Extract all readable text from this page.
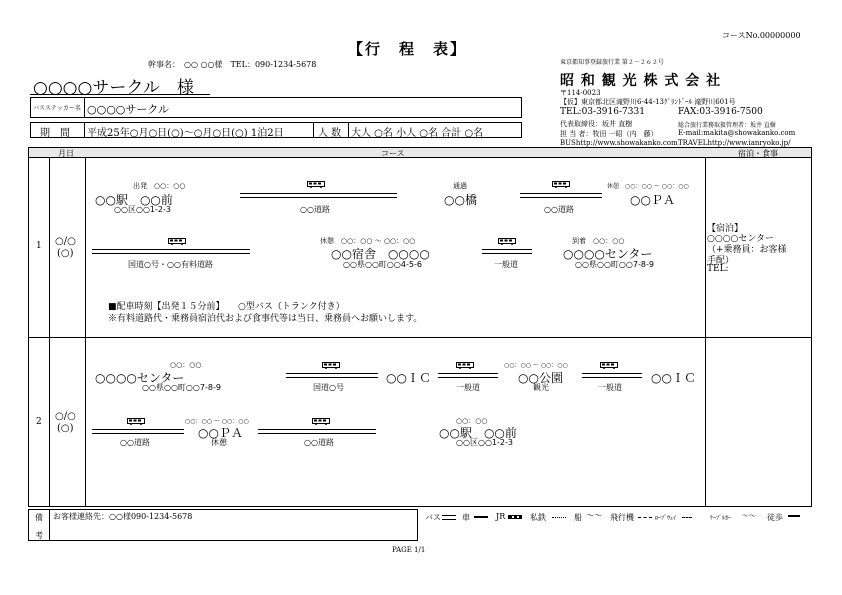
コースNo.00000000
【行　程　表】
幹事名：　○○ ○○様　TEL：090-1234-5678
○○○○サークル　様
東京都知事登録旅行業 第２－２６２号
昭 和 観 光 株 式 会 社
〒114-0023
【仮】東京都北区滝野川6-44-13ｸﾞﾗﾝﾄﾞｰﾙ 滝野川601号
TEL:03-3916-7331	FAX:03-3916-7500
代表取締役：坂井 直樹	総合旅行業務取扱管理者：坂井 直樹
担 当 者：牧田 一昭（内　藤）	E-mail:makita@showakanko.com
BUShttp://www.showakanko.com TRAVELhttp://www.ianryoko.jp/
バスステッカー名 ○○○○サークル
期　間 平成25年○月○日(○)～○月○日(○) 1泊2日	人 数 大人 ○名 小人 ○名 合計 ○名
月日	コース	宿泊・食事
1 ○/○
(○)
出発　○○：○○
○○駅　○○前
○○区○○1-2-3	○○道路
通過
○○橋
○○道路
休憩　○○：○○ ～ ○○：○○
○○ＰＡ
国道○号・○○有料道路
休憩　○○：○○ ～ ○○：○○
○○宿舎　○○○○
○○県○○町○○4-5-6	一般道
到着　○○：○○
○○○○センター
○○県○○町○○7-8-9
■配車時刻【出発１５分前】　　○型バス（トランク付き）
※有料道路代・乗務員宿泊代および食事代等は当日、乗務員へお願いします。
【宿泊】
○○○○センター
（+乗務員：お客様
手配）
TEL:
2 ○/○
(○)
○○：○○
○○○○センター
○○県○○町○○7-8-9	国道○号
○○ＩＣ
一般道
○○：○○ ～ ○○：○○
○○公園
観光	一般道
○○ＩＣ
○○道路
○○：○○ ～ ○○：○○
○○ＰＡ
休憩	○○道路
○○：○○
○○駅　○○前
○○区○○1-2-3
備
考
お客様連絡先：○○様090-1234-5678	バス	車	JR	私鉄	船 ～～ 飛行機	ﾛｰﾌﾟｳｪｲ	ｹｰﾌﾞﾙｶｰ ～～ 徒歩
PAGE 1/1
